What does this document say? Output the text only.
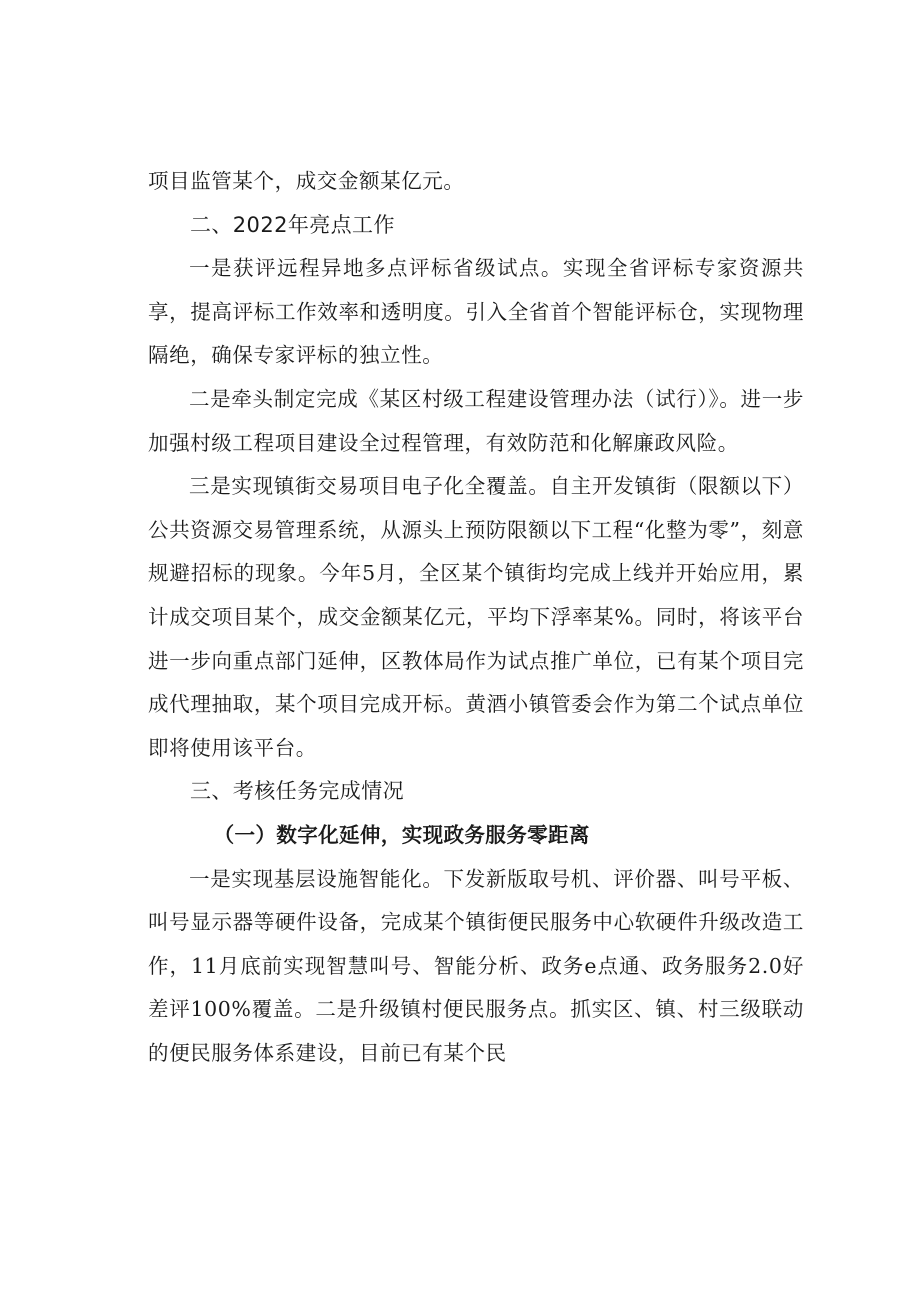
项目监管某个，成交金额某亿元。

二、2022年亮点工作

一是获评远程异地多点评标省级试点。实现全省评标专家资源共享，提高评标工作效率和透明度。引入全省首个智能评标仓，实现物理隔绝，确保专家评标的独立性。

二是牵头制定完成《某区村级工程建设管理办法（试行）》。进一步加强村级工程项目建设全过程管理，有效防范和化解廉政风险。

三是实现镇街交易项目电子化全覆盖。自主开发镇街（限额以下）公共资源交易管理系统，从源头上预防限额以下工程“化整为零”，刻意规避招标的现象。今年5月，全区某个镇街均完成上线并开始应用，累计成交项目某个，成交金额某亿元，平均下浮率某%。同时，将该平台进一步向重点部门延伸，区教体局作为试点推广单位，已有某个项目完成代理抽取，某个项目完成开标。黄酒小镇管委会作为第二个试点单位即将使用该平台。

三、考核任务完成情况

（一）数字化延伸，实现政务服务零距离

一是实现基层设施智能化。下发新版取号机、评价器、叫号平板、叫号显示器等硬件设备，完成某个镇街便民服务中心软硬件升级改造工作，11月底前实现智慧叫号、智能分析、政务e点通、政务服务2.0好差评100%覆盖。二是升级镇村便民服务点。抓实区、镇、村三级联动的便民服务体系建设，目前已有某个民
